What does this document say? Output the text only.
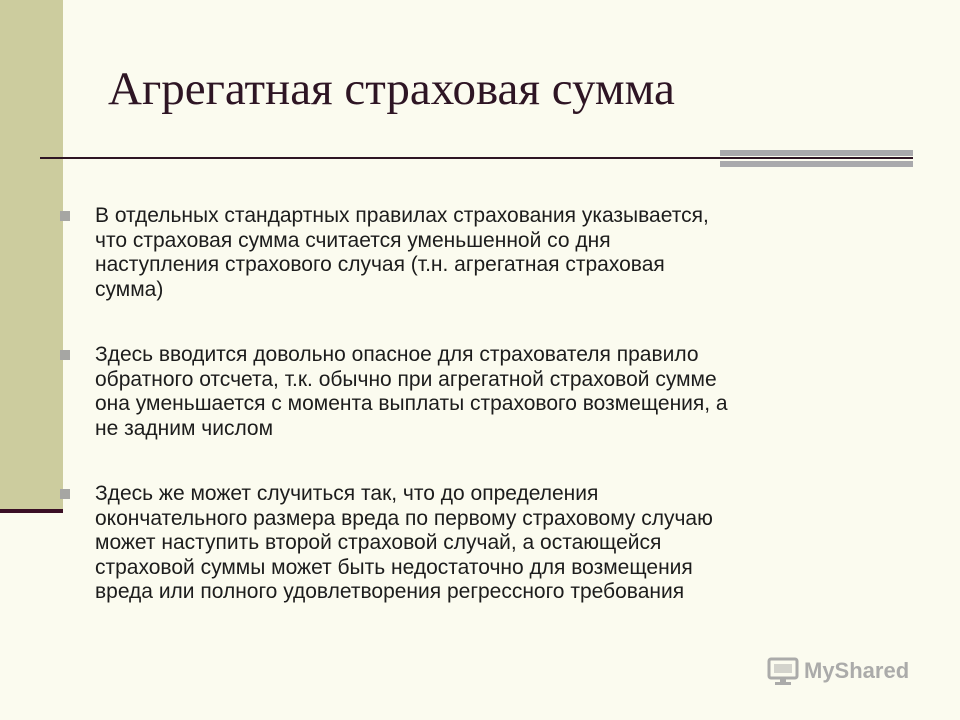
Агрегатная страховая сумма
В отдельных стандартных правилах страхования указывается,
что страховая сумма считается уменьшенной со дня
наступления страхового случая (т.н. агрегатная страховая
сумма)
Здесь вводится довольно опасное для страхователя правило
обратного отсчета, т.к. обычно при агрегатной страховой сумме
она уменьшается с момента выплаты страхового возмещения, а
не задним числом
Здесь же может случиться так, что до определения
окончательного размера вреда по первому страховому случаю
может наступить второй страховой случай, а остающейся
страховой суммы может быть недостаточно для возмещения
вреда или полного удовлетворения регрессного требования
MyShared
